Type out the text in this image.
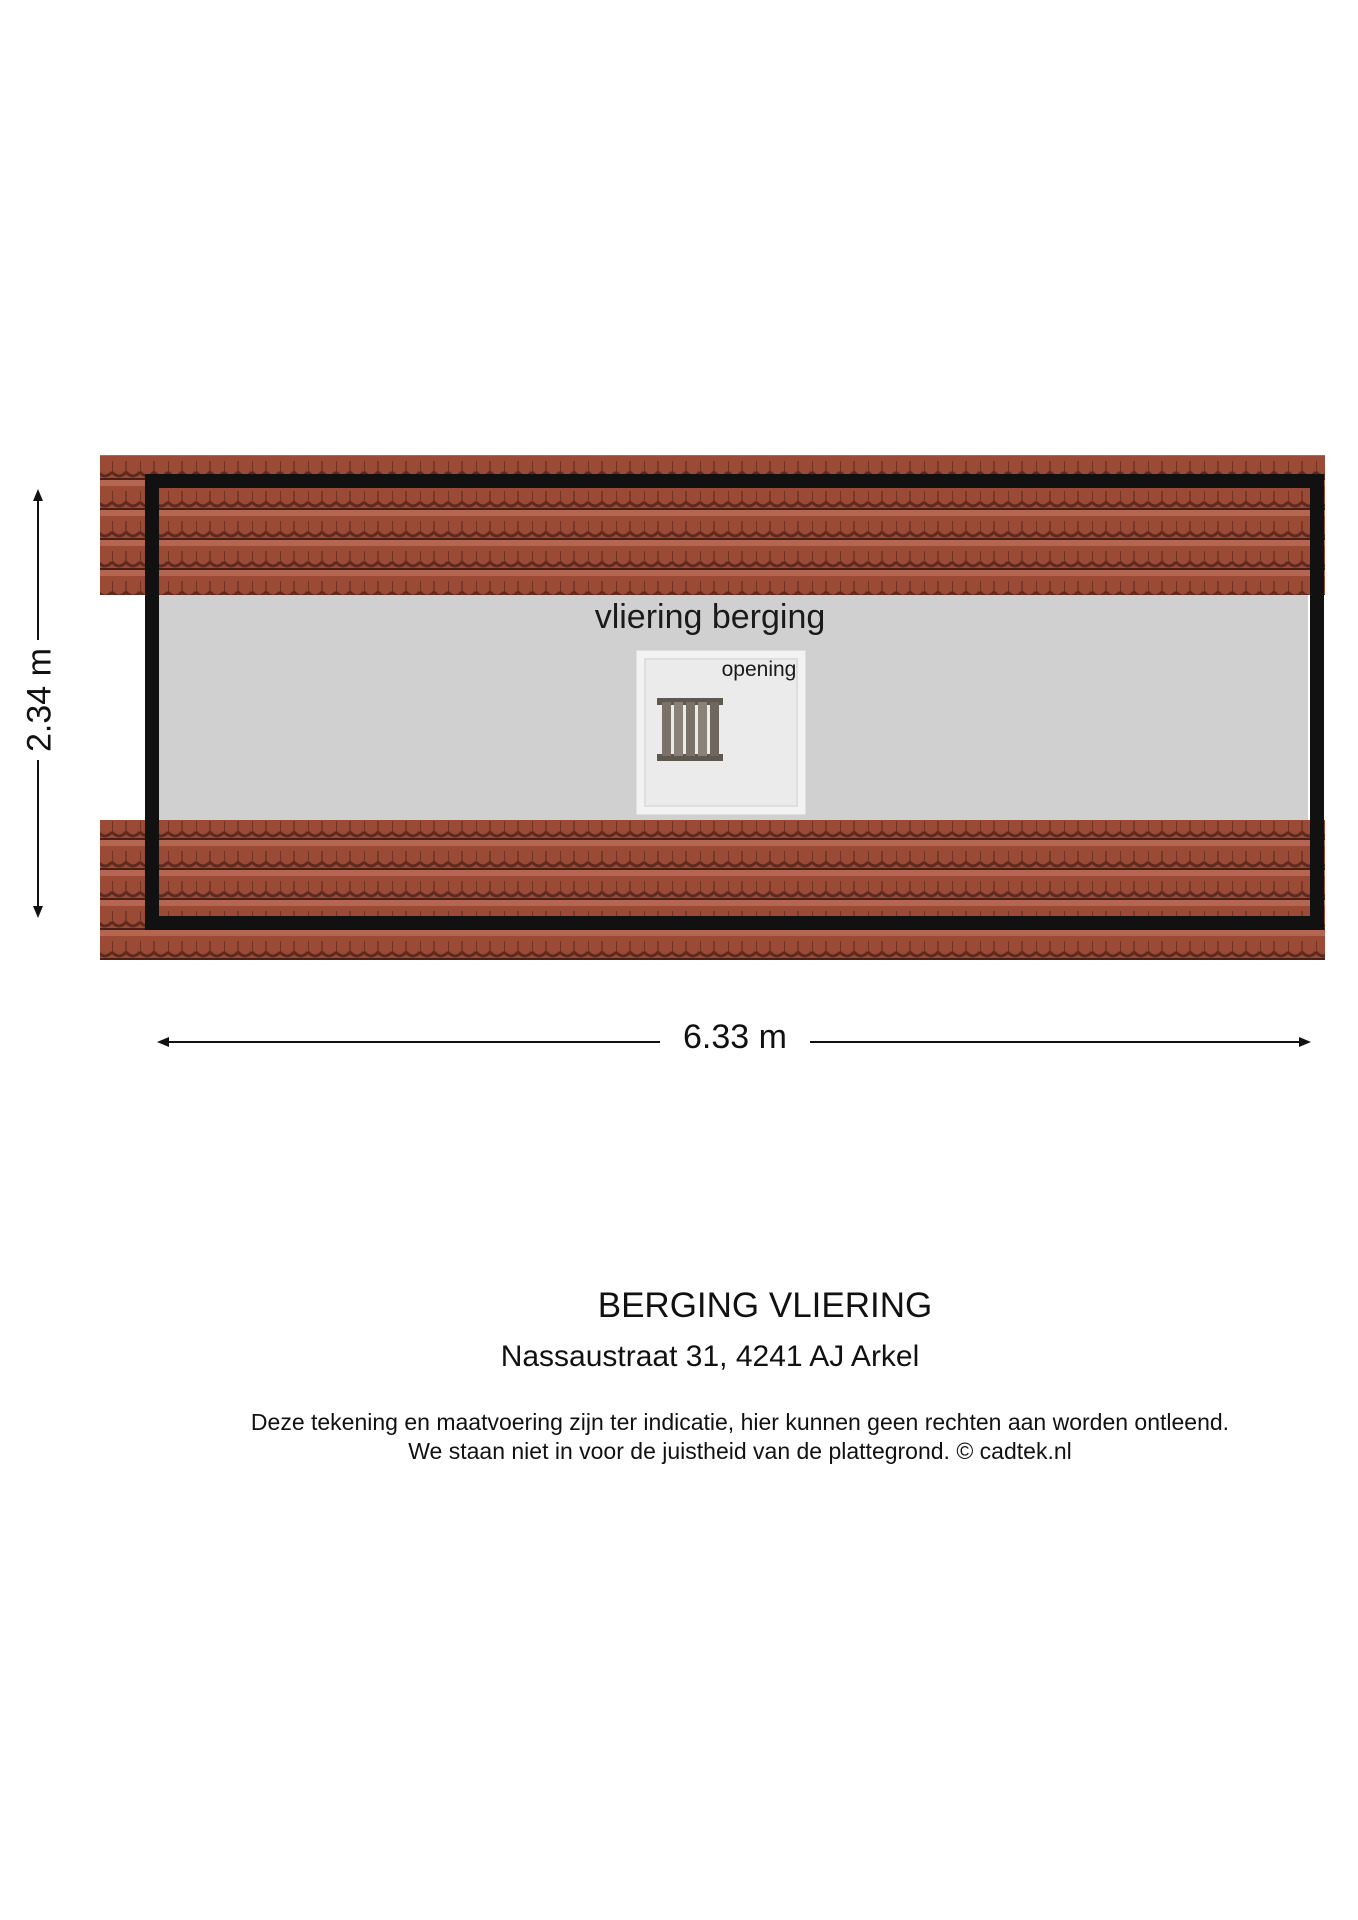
vliering berging
opening
2.34 m
6.33 m
BERGING VLIERING
Nassaustraat 31, 4241 AJ Arkel
Deze tekening en maatvoering zijn ter indicatie, hier kunnen geen rechten aan worden ontleend.
We staan niet in voor de juistheid van de plattegrond. © cadtek.nl
